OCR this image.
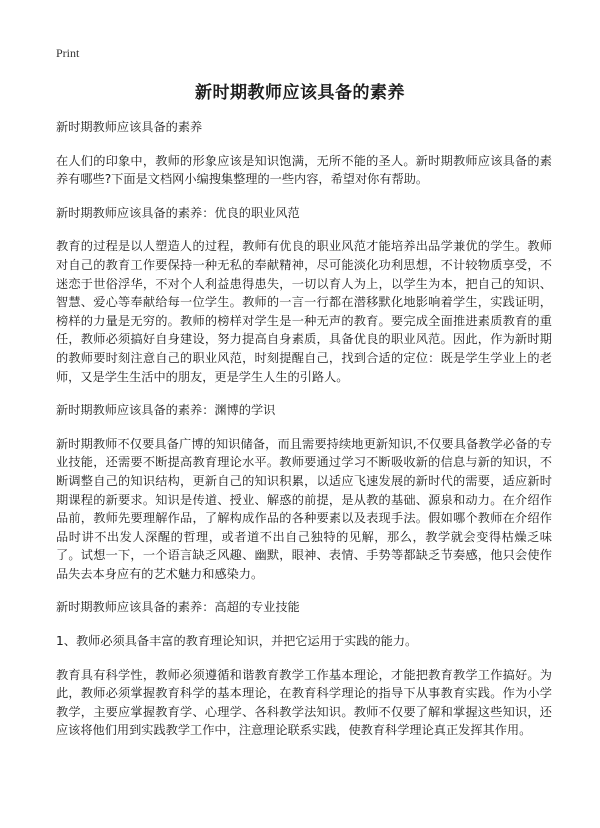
Print
新时期教师应该具备的素养

新时期教师应该具备的素养

在人们的印象中，教师的形象应该是知识饱满，无所不能的圣人。新时期教师应该具备的素养有哪些?下面是文档网小编搜集整理的一些内容，希望对你有帮助。

新时期教师应该具备的素养：优良的职业风范

教育的过程是以人塑造人的过程，教师有优良的职业风范才能培养出品学兼优的学生。教师对自己的教育工作要保持一种无私的奉献精神，尽可能淡化功利思想，不计较物质享受，不迷恋于世俗浮华，不对个人利益患得患失，一切以育人为上，以学生为本，把自己的知识、智慧、爱心等奉献给每一位学生。教师的一言一行都在潜移默化地影响着学生，实践证明，榜样的力量是无穷的。教师的榜样对学生是一种无声的教育。要完成全面推进素质教育的重任，教师必须搞好自身建设，努力提高自身素质，具备优良的职业风范。因此，作为新时期的教师要时刻注意自己的职业风范，时刻提醒自己，找到合适的定位：既是学生学业上的老师，又是学生生活中的朋友，更是学生人生的引路人。

新时期教师应该具备的素养：渊博的学识

新时期教师不仅要具备广博的知识储备，而且需要持续地更新知识,不仅要具备教学必备的专业技能，还需要不断提高教育理论水平。教师要通过学习不断吸收新的信息与新的知识，不断调整自己的知识结构，更新自己的知识积累，以适应飞速发展的新时代的需要，适应新时期课程的新要求。知识是传道、授业、解惑的前提，是从教的基础、源泉和动力。在介绍作品前，教师先要理解作品，了解构成作品的各种要素以及表现手法。假如哪个教师在介绍作品时讲不出发人深醒的哲理，或者道不出自己独特的见解，那么，教学就会变得枯燥乏味了。试想一下，一个语言缺乏风趣、幽默，眼神、表情、手势等都缺乏节奏感，他只会使作品失去本身应有的艺术魅力和感染力。

新时期教师应该具备的素养：高超的专业技能

1、教师必须具备丰富的教育理论知识，并把它运用于实践的能力。

教育具有科学性，教师必须遵循和谐教育教学工作基本理论，才能把教育教学工作搞好。为此，教师必须掌握教育科学的基本理论，在教育科学理论的指导下从事教育实践。作为小学教学，主要应掌握教育学、心理学、各科教学法知识。教师不仅要了解和掌握这些知识，还应该将他们用到实践教学工作中，注意理论联系实践，使教育科学理论真正发挥其作用。
